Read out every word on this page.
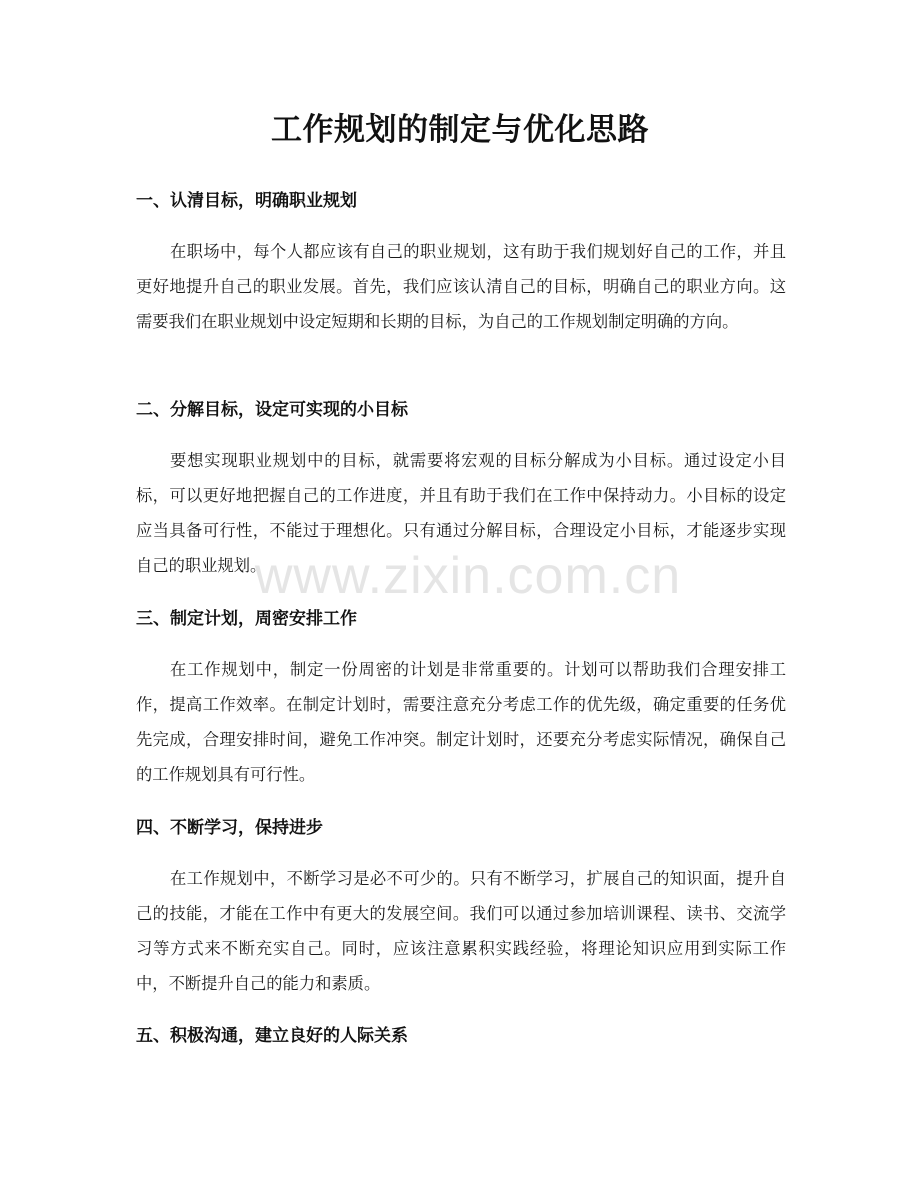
工作规划的制定与优化思路
一、认清目标，明确职业规划

在职场中，每个人都应该有自己的职业规划，这有助于我们规划好自己的工作，并且更好地提升自己的职业发展。首先，我们应该认清自己的目标，明确自己的职业方向。这需要我们在职业规划中设定短期和长期的目标，为自己的工作规划制定明确的方向。

二、分解目标，设定可实现的小目标

要想实现职业规划中的目标，就需要将宏观的目标分解成为小目标。通过设定小目标，可以更好地把握自己的工作进度，并且有助于我们在工作中保持动力。小目标的设定应当具备可行性，不能过于理想化。只有通过分解目标，合理设定小目标，才能逐步实现自己的职业规划。

三、制定计划，周密安排工作

在工作规划中，制定一份周密的计划是非常重要的。计划可以帮助我们合理安排工作，提高工作效率。在制定计划时，需要注意充分考虑工作的优先级，确定重要的任务优先完成，合理安排时间，避免工作冲突。制定计划时，还要充分考虑实际情况，确保自己的工作规划具有可行性。

四、不断学习，保持进步

在工作规划中，不断学习是必不可少的。只有不断学习，扩展自己的知识面，提升自己的技能，才能在工作中有更大的发展空间。我们可以通过参加培训课程、读书、交流学习等方式来不断充实自己。同时，应该注意累积实践经验，将理论知识应用到实际工作中，不断提升自己的能力和素质。

五、积极沟通，建立良好的人际关系
www.zixin.com.cn
